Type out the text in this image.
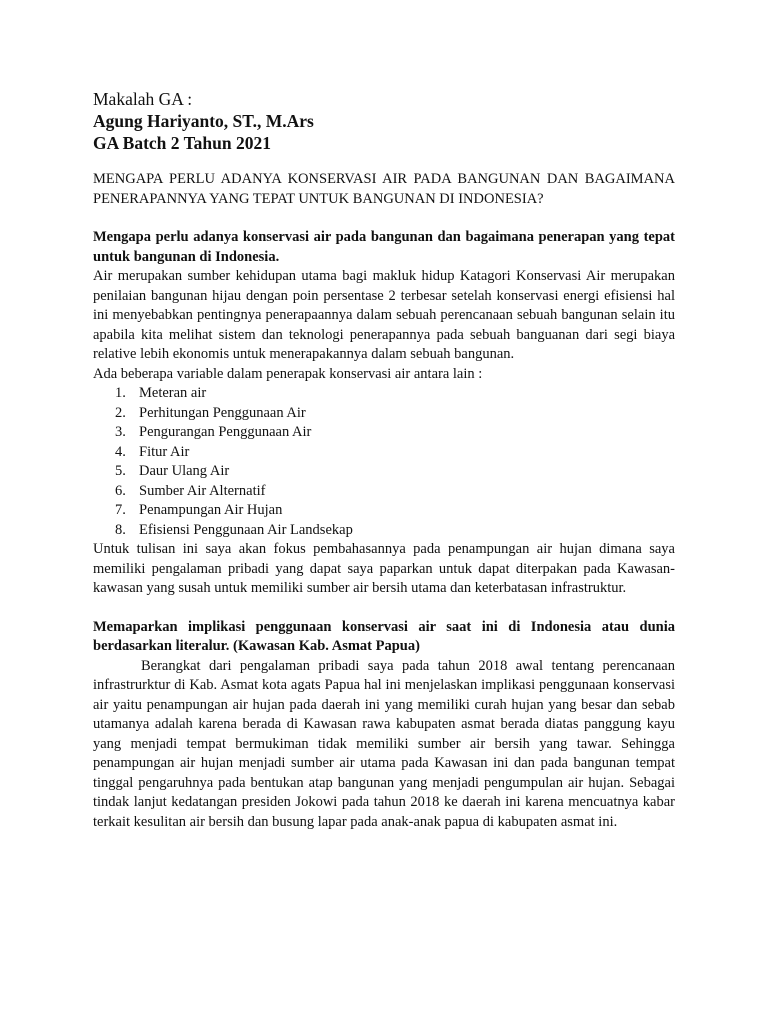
Makalah GA :
Agung Hariyanto, ST., M.Ars
GA Batch 2 Tahun 2021

MENGAPA PERLU ADANYA KONSERVASI AIR PADA BANGUNAN DAN BAGAIMANA PENERAPANNYA YANG TEPAT UNTUK BANGUNAN DI INDONESIA?

Mengapa perlu adanya konservasi air pada bangunan dan bagaimana penerapan yang tepat untuk bangunan di Indonesia.

Air merupakan sumber kehidupan utama bagi makluk hidup Katagori Konservasi Air merupakan penilaian bangunan hijau dengan poin persentase 2 terbesar setelah konservasi energi efisiensi hal ini menyebabkan pentingnya penerapaannya dalam sebuah perencanaan sebuah bangunan selain itu apabila kita melihat sistem dan teknologi penerapannya pada sebuah banguanan dari segi biaya relative lebih ekonomis untuk menerapakannya dalam sebuah bangunan.

Ada beberapa variable dalam penerapak konservasi air antara lain :

1. Meteran air
2. Perhitungan Penggunaan Air
3. Pengurangan Penggunaan Air
4. Fitur Air
5. Daur Ulang Air
6. Sumber Air Alternatif
7. Penampungan Air Hujan
8. Efisiensi Penggunaan Air Landsekap

Untuk tulisan ini saya akan fokus pembahasannya pada penampungan air hujan dimana saya memiliki pengalaman pribadi yang dapat saya paparkan untuk dapat diterpakan pada Kawasan-kawasan yang susah untuk memiliki sumber air bersih utama dan keterbatasan infrastruktur.

Memaparkan implikasi penggunaan konservasi air saat ini di Indonesia atau dunia berdasarkan literalur. (Kawasan Kab. Asmat Papua)

Berangkat dari pengalaman pribadi saya pada tahun 2018 awal tentang perencanaan infrastrurktur di Kab. Asmat kota agats Papua hal ini menjelaskan implikasi penggunaan konservasi air yaitu penampungan air hujan pada daerah ini yang memiliki curah hujan yang besar dan sebab utamanya adalah karena berada di Kawasan rawa kabupaten asmat berada diatas panggung kayu yang menjadi tempat bermukiman tidak memiliki sumber air bersih yang tawar. Sehingga penampungan air hujan menjadi sumber air utama pada Kawasan ini dan pada bangunan tempat tinggal pengaruhnya pada bentukan atap bangunan yang menjadi pengumpulan air hujan. Sebagai tindak lanjut kedatangan presiden Jokowi pada tahun 2018 ke daerah ini karena mencuatnya kabar terkait kesulitan air bersih dan busung lapar pada anak-anak papua di kabupaten asmat ini.
